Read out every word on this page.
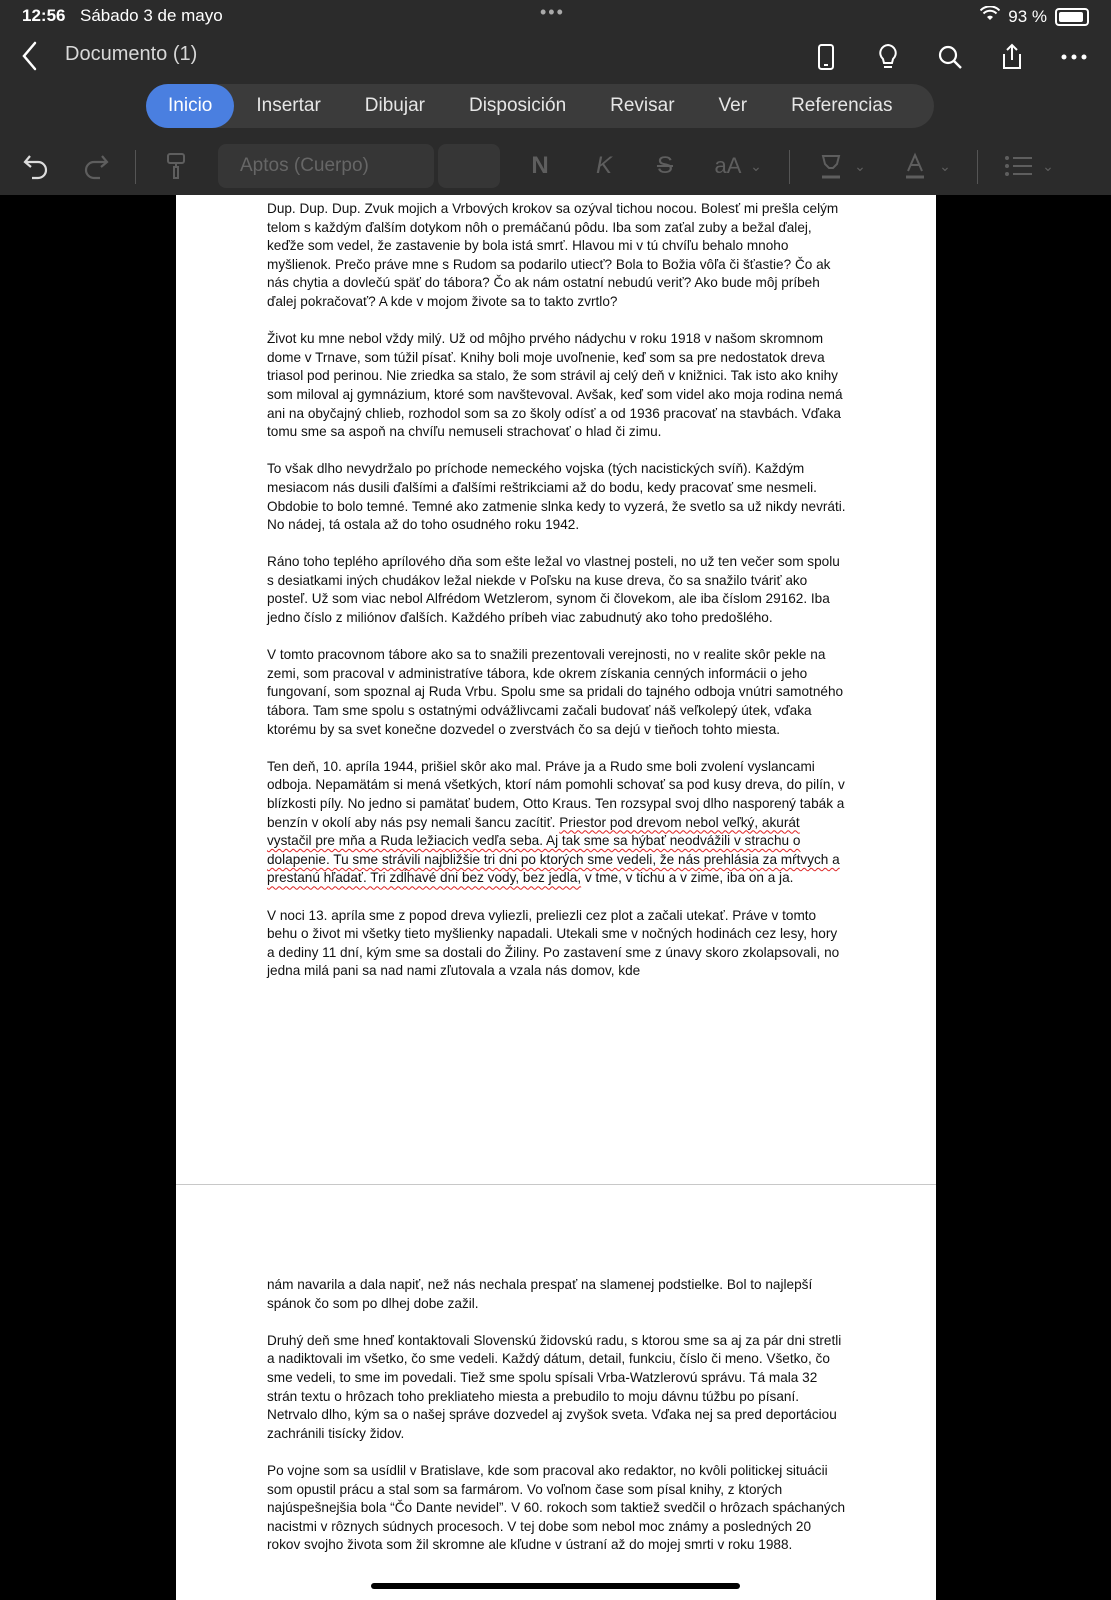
12:56 Sábado 3 de mayo	•••	93 %
Documento (1)
Inicio	Insertar	Dibujar	Disposición	Revisar	Ver	Referencias
Aptos (Cuerpo)	N K S	aA ⌄	⌄	⌄	⌄

Dup. Dup. Dup. Zvuk mojich a Vrbových krokov sa ozýval tichou nocou. Bolesť mi prešla celým telom s každým ďalším dotykom nôh o premáčanú pôdu. Iba som zaťal zuby a bežal ďalej, keďže som vedel, že zastavenie by bola istá smrť. Hlavou mi v tú chvíľu behalo mnoho myšlienok. Prečo práve mne s Rudom sa podarilo utiecť? Bola to Božia vôľa či šťastie? Čo ak nás chytia a dovlečú späť do tábora? Čo ak nám ostatní nebudú veriť? Ako bude môj príbeh ďalej pokračovať? A kde v mojom živote sa to takto zvrtlo?

Život ku mne nebol vždy milý. Už od môjho prvého nádychu v roku 1918 v našom skromnom dome v Trnave, som túžil písať. Knihy boli moje uvoľnenie, keď som sa pre nedostatok dreva triasol pod perinou. Nie zriedka sa stalo, že som strávil aj celý deň v knižnici. Tak isto ako knihy som miloval aj gymnázium, ktoré som navštevoval. Avšak, keď som videl ako moja rodina nemá ani na obyčajný chlieb, rozhodol som sa zo školy odísť a od 1936 pracovať na stavbách. Vďaka tomu sme sa aspoň na chvíľu nemuseli strachovať o hlad či zimu.

To však dlho nevydržalo po príchode nemeckého vojska (tých nacistických svíň). Každým mesiacom nás dusili ďalšími a ďalšími reštrikciami až do bodu, kedy pracovať sme nesmeli. Obdobie to bolo temné. Temné ako zatmenie slnka kedy to vyzerá, že svetlo sa už nikdy nevráti. No nádej, tá ostala až do toho osudného roku 1942.

Ráno toho teplého aprílového dňa som ešte ležal vo vlastnej posteli, no už ten večer som spolu s desiatkami iných chudákov ležal niekde v Poľsku na kuse dreva, čo sa snažilo tváriť ako posteľ. Už som viac nebol Alfrédom Wetzlerom, synom či človekom, ale iba číslom 29162. Iba jedno číslo z miliónov ďalších. Každého príbeh viac zabudnutý ako toho predošlého.

V tomto pracovnom tábore ako sa to snažili prezentovali verejnosti, no v realite skôr pekle na zemi, som pracoval v administratíve tábora, kde okrem získania cenných informácii o jeho fungovaní, som spoznal aj Ruda Vrbu. Spolu sme sa pridali do tajného odboja vnútri samotného tábora. Tam sme spolu s ostatnými odvážlivcami začali budovať náš veľkolepý útek, vďaka ktorému by sa svet konečne dozvedel o zverstvách čo sa dejú v tieňoch tohto miesta.

Ten deň, 10. apríla 1944, prišiel skôr ako mal. Práve ja a Rudo sme boli zvolení vyslancami odboja. Nepamätám si mená všetkých, ktorí nám pomohli schovať sa pod kusy dreva, do pilín, v blízkosti píly. No jedno si pamätať budem, Otto Kraus. Ten rozsypal svoj dlho nasporený tabák a benzín v okolí aby nás psy nemali šancu zacítiť. Priestor pod drevom nebol veľký, akurát vystačil pre mňa a Ruda ležiacich vedľa seba. Aj tak sme sa hýbať neodvážili v strachu o dolapenie. Tu sme strávili najbližšie tri dni po ktorých sme vedeli, že nás prehlásia za mŕtvych a prestanú hľadať. Tri zdĺhavé dni bez vody, bez jedla, v tme, v tichu a v zime, iba on a ja.

V noci 13. apríla sme z popod dreva vyliezli, preliezli cez plot a začali utekať. Práve v tomto behu o život mi všetky tieto myšlienky napadali. Utekali sme v nočných hodinách cez lesy, hory a dediny 11 dní, kým sme sa dostali do Žiliny. Po zastavení sme z únavy skoro zkolapsovali, no jedna milá pani sa nad nami zľutovala a vzala nás domov, kde

nám navarila a dala napiť, než nás nechala prespať na slamenej podstielke. Bol to najlepší spánok čo som po dlhej dobe zažil.

Druhý deň sme hneď kontaktovali Slovenskú židovskú radu, s ktorou sme sa aj za pár dni stretli a nadiktovali im všetko, čo sme vedeli. Každý dátum, detail, funkciu, číslo či meno. Všetko, čo sme vedeli, to sme im povedali. Tiež sme spolu spísali Vrba-Watzlerovú správu. Tá mala 32 strán textu o hrôzach toho prekliateho miesta a prebudilo to moju dávnu túžbu po písaní. Netrvalo dlho, kým sa o našej správe dozvedel aj zvyšok sveta. Vďaka nej sa pred deportáciou zachránili tisícky židov.

Po vojne som sa usídlil v Bratislave, kde som pracoval ako redaktor, no kvôli politickej situácii som opustil prácu a stal som sa farmárom. Vo voľnom čase som písal knihy, z ktorých najúspešnejšia bola “Čo Dante nevidel”. V 60. rokoch som taktiež svedčil o hrôzach spáchaných nacistmi v rôznych súdnych procesoch. V tej dobe som nebol moc známy a posledných 20 rokov svojho života som žil skromne ale kľudne v ústraní až do mojej smrti v roku 1988.
